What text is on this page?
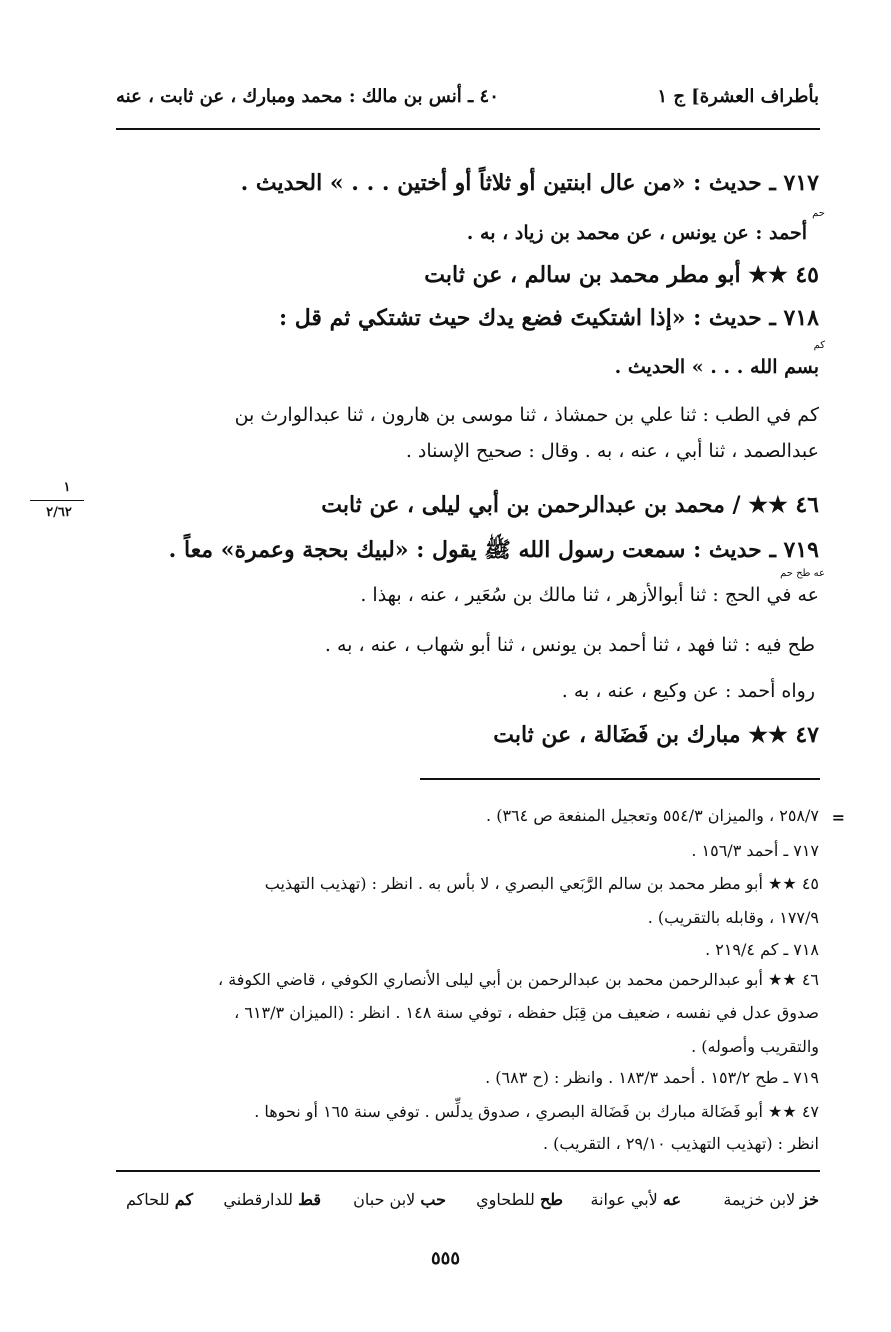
بأطراف العشرة] ج ١
٤٠ ـ أنس بن مالك : محمد ومبارك ، عن ثابت ، عنه
٧١٧ ـ حديث : «من عال ابنتين أو ثلاثاً أو أختين . . . » الحديث .
حم
أحمد : عن يونس ، عن محمد بن زياد ، به .
٤٥ ★★ أبو مطر محمد بن سالم ، عن ثابت
٧١٨ ـ حديث : «إذا اشتكيتَ فضع يدك حيث تشتكي ثم قل :
كم
بسم الله . . . » الحديث .
كم في الطب : ثنا علي بن حمشاذ ، ثنا موسى بن هارون ، ثنا عبدالوارث بن
عبدالصمد ، ثنا أبي ، عنه ، به . وقال : صحيح الإسناد .
٤٦ ★★ / محمد بن عبدالرحمن بن أبي ليلى ، عن ثابت
١
٢/٦٢
٧١٩ ـ حديث : سمعت رسول الله ﷺ يقول : «لبيك بحجة وعمرة» معاً .
عه طح حم
عه في الحج : ثنا أبوالأزهر ، ثنا مالك بن سُعَير ، عنه ، بهذا .
طح فيه : ثنا فهد ، ثنا أحمد بن يونس ، ثنا أبو شهاب ، عنه ، به .
رواه أحمد : عن وكيع ، عنه ، به .
٤٧ ★★ مبارك بن فَضَالة ، عن ثابت
=
٢٥٨/٧ ، والميزان ٥٥٤/٣ وتعجيل المنفعة ص ٣٦٤) .
٧١٧ ـ أحمد ١٥٦/٣ .
٤٥ ★★ أبو مطر محمد بن سالم الرَّبَعي البصري ، لا بأس به . انظر : (تهذيب التهذيب
١٧٧/٩ ، وقابله بالتقريب) .
٧١٨ ـ كم ٢١٩/٤ .
٤٦ ★★ أبو عبدالرحمن محمد بن عبدالرحمن بن أبي ليلى الأنصاري الكوفي ، قاضي الكوفة ،
صدوق عدل في نفسه ، ضعيف من قِبَل حفظه ، توفي سنة ١٤٨ . انظر : (الميزان ٦١٣/٣ ،
والتقريب وأصوله) .
٧١٩ ـ طح ١٥٣/٢ . أحمد ١٨٣/٣ . وانظر : (ح ٦٨٣) .
٤٧ ★★ أبو فَضَالة مبارك بن فَضَالة البصري ، صدوق يدلِّس . توفي سنة ١٦٥ أو نحوها .
انظر : (تهذيب التهذيب ٢٩/١٠ ، التقريب) .
خز لابن خزيمة
عه لأبي عوانة
طح للطحاوي
حب لابن حبان
قط للدارقطني
كم للحاكم
٥٥٥
